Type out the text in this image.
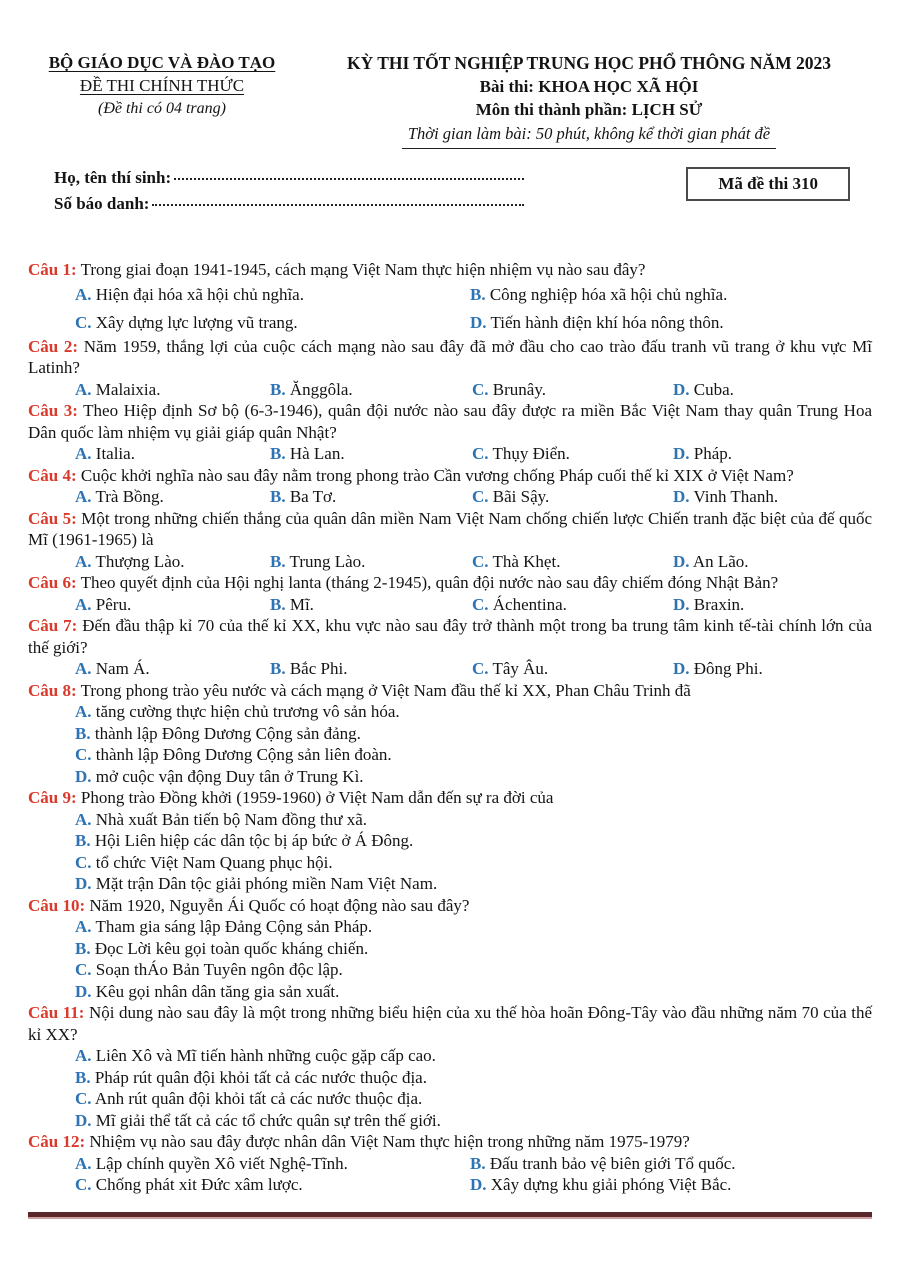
BỘ GIÁO DỤC VÀ ĐÀO TẠO
ĐỀ THI CHÍNH THỨC
(Đề thi có 04 trang)
KỲ THI TỐT NGHIỆP TRUNG HỌC PHỔ THÔNG NĂM 2023
Bài thi: KHOA HỌC XÃ HỘI
Môn thi thành phần: LỊCH SỬ
Thời gian làm bài: 50 phút, không kể thời gian phát đề
Họ, tên thí sinh:
Số báo danh:
Mã đề thi 310

Câu 1: Trong giai đoạn 1941-1945, cách mạng Việt Nam thực hiện nhiệm vụ nào sau đây?

A. Hiện đại hóa xã hội chủ nghĩa.	B. Công nghiệp hóa xã hội chủ nghĩa.
C. Xây dựng lực lượng vũ trang.	D. Tiến hành điện khí hóa nông thôn.

Câu 2: Năm 1959, thắng lợi của cuộc cách mạng nào sau đây đã mở đầu cho cao trào đấu tranh vũ trang ở khu vực Mĩ Latinh?

A. Malaixia.	B. Ănggôla.	C. Brunây.	D. Cuba.

Câu 3: Theo Hiệp định Sơ bộ (6-3-1946), quân đội nước nào sau đây được ra miền Bắc Việt Nam thay quân Trung Hoa Dân quốc làm nhiệm vụ giải giáp quân Nhật?

A. Italia.	B. Hà Lan.	C. Thụy Điển.	D. Pháp.

Câu 4: Cuộc khởi nghĩa nào sau đây nằm trong phong trào Cần vương chống Pháp cuối thế kỉ XIX ở Việt Nam?

A. Trà Bồng.	B. Ba Tơ.	C. Bãi Sậy.	D. Vinh Thanh.

Câu 5: Một trong những chiến thắng của quân dân miền Nam Việt Nam chống chiến lược Chiến tranh đặc biệt của đế quốc Mĩ (1961-1965) là

A. Thượng Lào.	B. Trung Lào.	C. Thà Khẹt.	D. An Lão.

Câu 6: Theo quyết định của Hội nghị lanta (tháng 2-1945), quân đội nước nào sau đây chiếm đóng Nhật Bản?

A. Pêru.	B. Mĩ.	C. Áchentina.	D. Braxin.

Câu 7: Đến đầu thập kỉ 70 của thế kỉ XX, khu vực nào sau đây trở thành một trong ba trung tâm kinh tế-tài chính lớn của thế giới?

A. Nam Á.	B. Bắc Phi.	C. Tây Âu.	D. Đông Phi.

Câu 8: Trong phong trào yêu nước và cách mạng ở Việt Nam đầu thế kỉ XX, Phan Châu Trinh đã

A. tăng cường thực hiện chủ trương vô sản hóa.
B. thành lập Đông Dương Cộng sản đảng.
C. thành lập Đông Dương Cộng sản liên đoàn.
D. mở cuộc vận động Duy tân ở Trung Kì.

Câu 9: Phong trào Đồng khởi (1959-1960) ở Việt Nam dẫn đến sự ra đời của

A. Nhà xuất Bản tiến bộ Nam đồng thư xã.
B. Hội Liên hiệp các dân tộc bị áp bức ở Á Đông.
C. tổ chức Việt Nam Quang phục hội.
D. Mặt trận Dân tộc giải phóng miền Nam Việt Nam.

Câu 10: Năm 1920, Nguyễn Ái Quốc có hoạt động nào sau đây?

A. Tham gia sáng lập Đảng Cộng sản Pháp.
B. Đọc Lời kêu gọi toàn quốc kháng chiến.
C. Soạn thÁo Bản Tuyên ngôn độc lập.
D. Kêu gọi nhân dân tăng gia sản xuất.

Câu 11: Nội dung nào sau đây là một trong những biểu hiện của xu thế hòa hoãn Đông-Tây vào đầu những năm 70 của thế kỉ XX?

A. Liên Xô và Mĩ tiến hành những cuộc gặp cấp cao.
B. Pháp rút quân đội khỏi tất cả các nước thuộc địa.
C. Anh rút quân đội khỏi tất cả các nước thuộc địa.
D. Mĩ giải thể tất cả các tổ chức quân sự trên thế giới.

Câu 12: Nhiệm vụ nào sau đây được nhân dân Việt Nam thực hiện trong những năm 1975-1979?

A. Lập chính quyền Xô viết Nghệ-Tĩnh.	B. Đấu tranh bảo vệ biên giới Tổ quốc.
C. Chống phát xit Đức xâm lược.	D. Xây dựng khu giải phóng Việt Bắc.
